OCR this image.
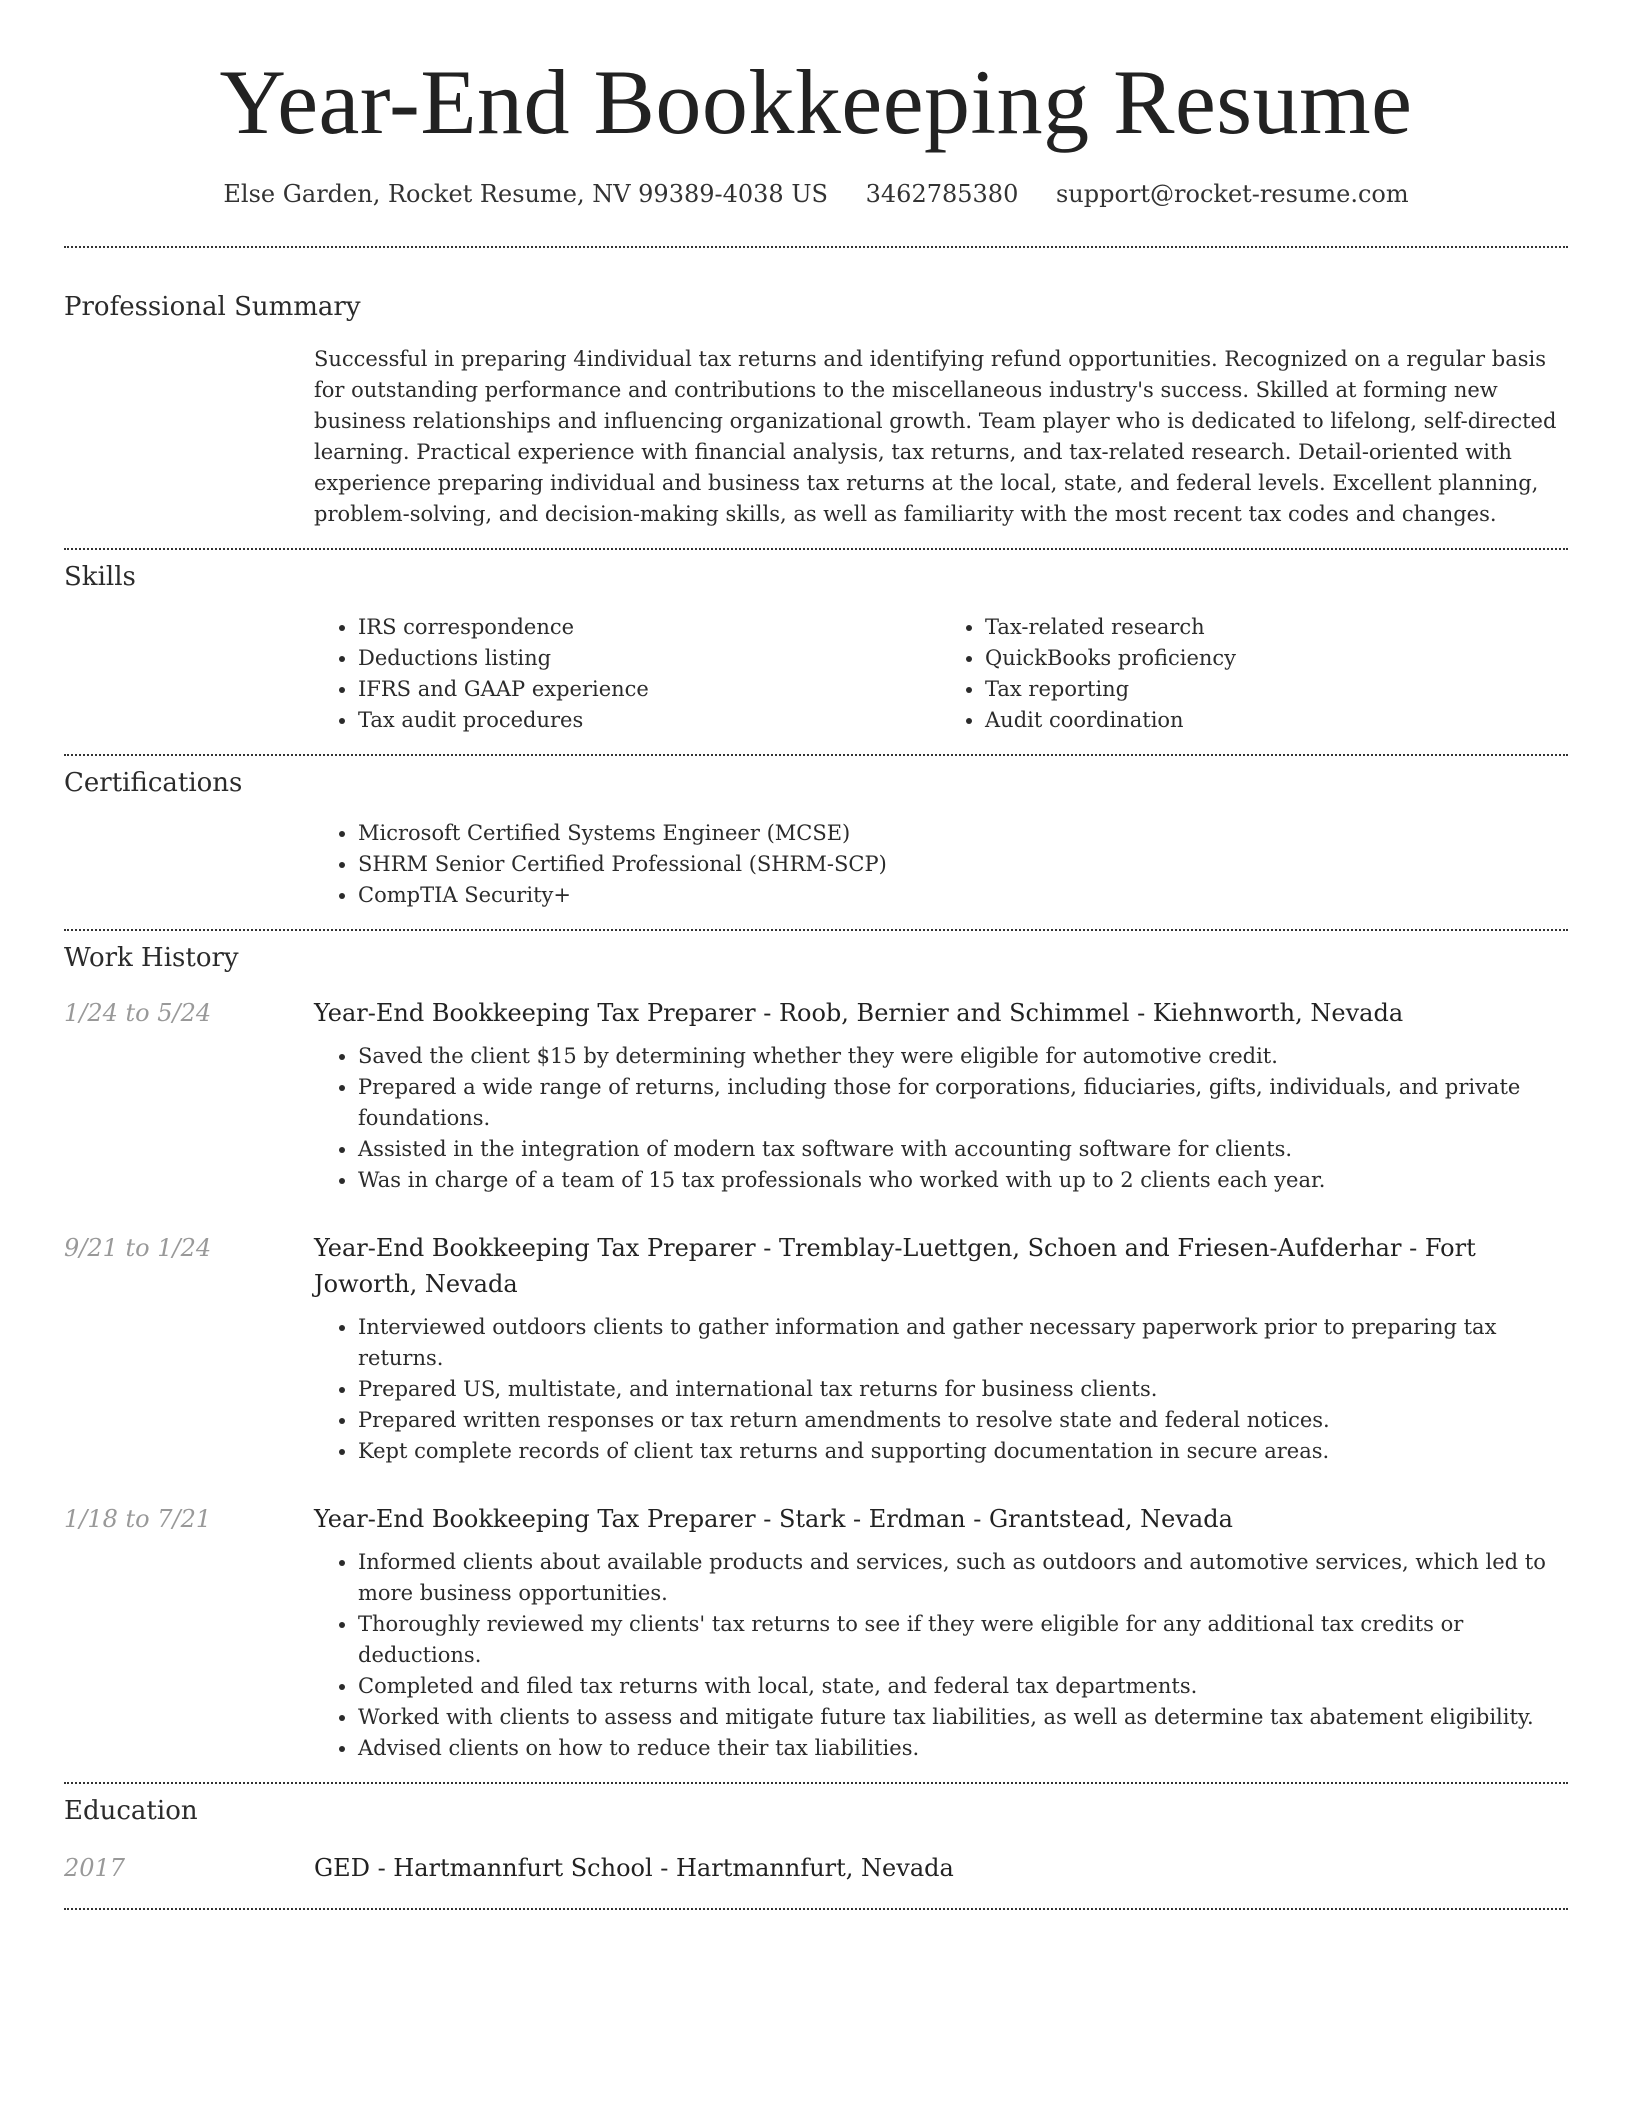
Year-End Bookkeeping Resume
Else Garden, Rocket Resume, NV 99389-4038 US 3462785380 support@rocket-resume.com
Professional Summary

Successful in preparing 4individual tax returns and identifying refund opportunities. Recognized on a regular basis for outstanding performance and contributions to the miscellaneous industry's success. Skilled at forming new business relationships and influencing organizational growth. Team player who is dedicated to lifelong, self-directed learning. Practical experience with financial analysis, tax returns, and tax-related research. Detail-oriented with experience preparing individual and business tax returns at the local, state, and federal levels. Excellent planning, problem-solving, and decision-making skills, as well as familiarity with the most recent tax codes and changes.

Skills
• IRS correspondence
• Deductions listing
• IFRS and GAAP experience
• Tax audit procedures
• Tax-related research
• QuickBooks proficiency
• Tax reporting
• Audit coordination
Certifications
• Microsoft Certified Systems Engineer (MCSE)
• SHRM Senior Certified Professional (SHRM-SCP)
• CompTIA Security+
Work History
1/24 to 5/24	Year-End Bookkeeping Tax Preparer - Roob, Bernier and Schimmel - Kiehnworth, Nevada
• Saved the client $15 by determining whether they were eligible for automotive credit.
• Prepared a wide range of returns, including those for corporations, fiduciaries, gifts, individuals, and private foundations.
• Assisted in the integration of modern tax software with accounting software for clients.
• Was in charge of a team of 15 tax professionals who worked with up to 2 clients each year.
9/21 to 1/24	Year-End Bookkeeping Tax Preparer - Tremblay-Luettgen, Schoen and Friesen-Aufderhar - Fort Joworth, Nevada
• Interviewed outdoors clients to gather information and gather necessary paperwork prior to preparing tax returns.
• Prepared US, multistate, and international tax returns for business clients.
• Prepared written responses or tax return amendments to resolve state and federal notices.
• Kept complete records of client tax returns and supporting documentation in secure areas.
1/18 to 7/21	Year-End Bookkeeping Tax Preparer - Stark - Erdman - Grantstead, Nevada
• Informed clients about available products and services, such as outdoors and automotive services, which led to more business opportunities.
• Thoroughly reviewed my clients' tax returns to see if they were eligible for any additional tax credits or deductions.
• Completed and filed tax returns with local, state, and federal tax departments.
• Worked with clients to assess and mitigate future tax liabilities, as well as determine tax abatement eligibility.
• Advised clients on how to reduce their tax liabilities.
Education
2017	GED - Hartmannfurt School - Hartmannfurt, Nevada
